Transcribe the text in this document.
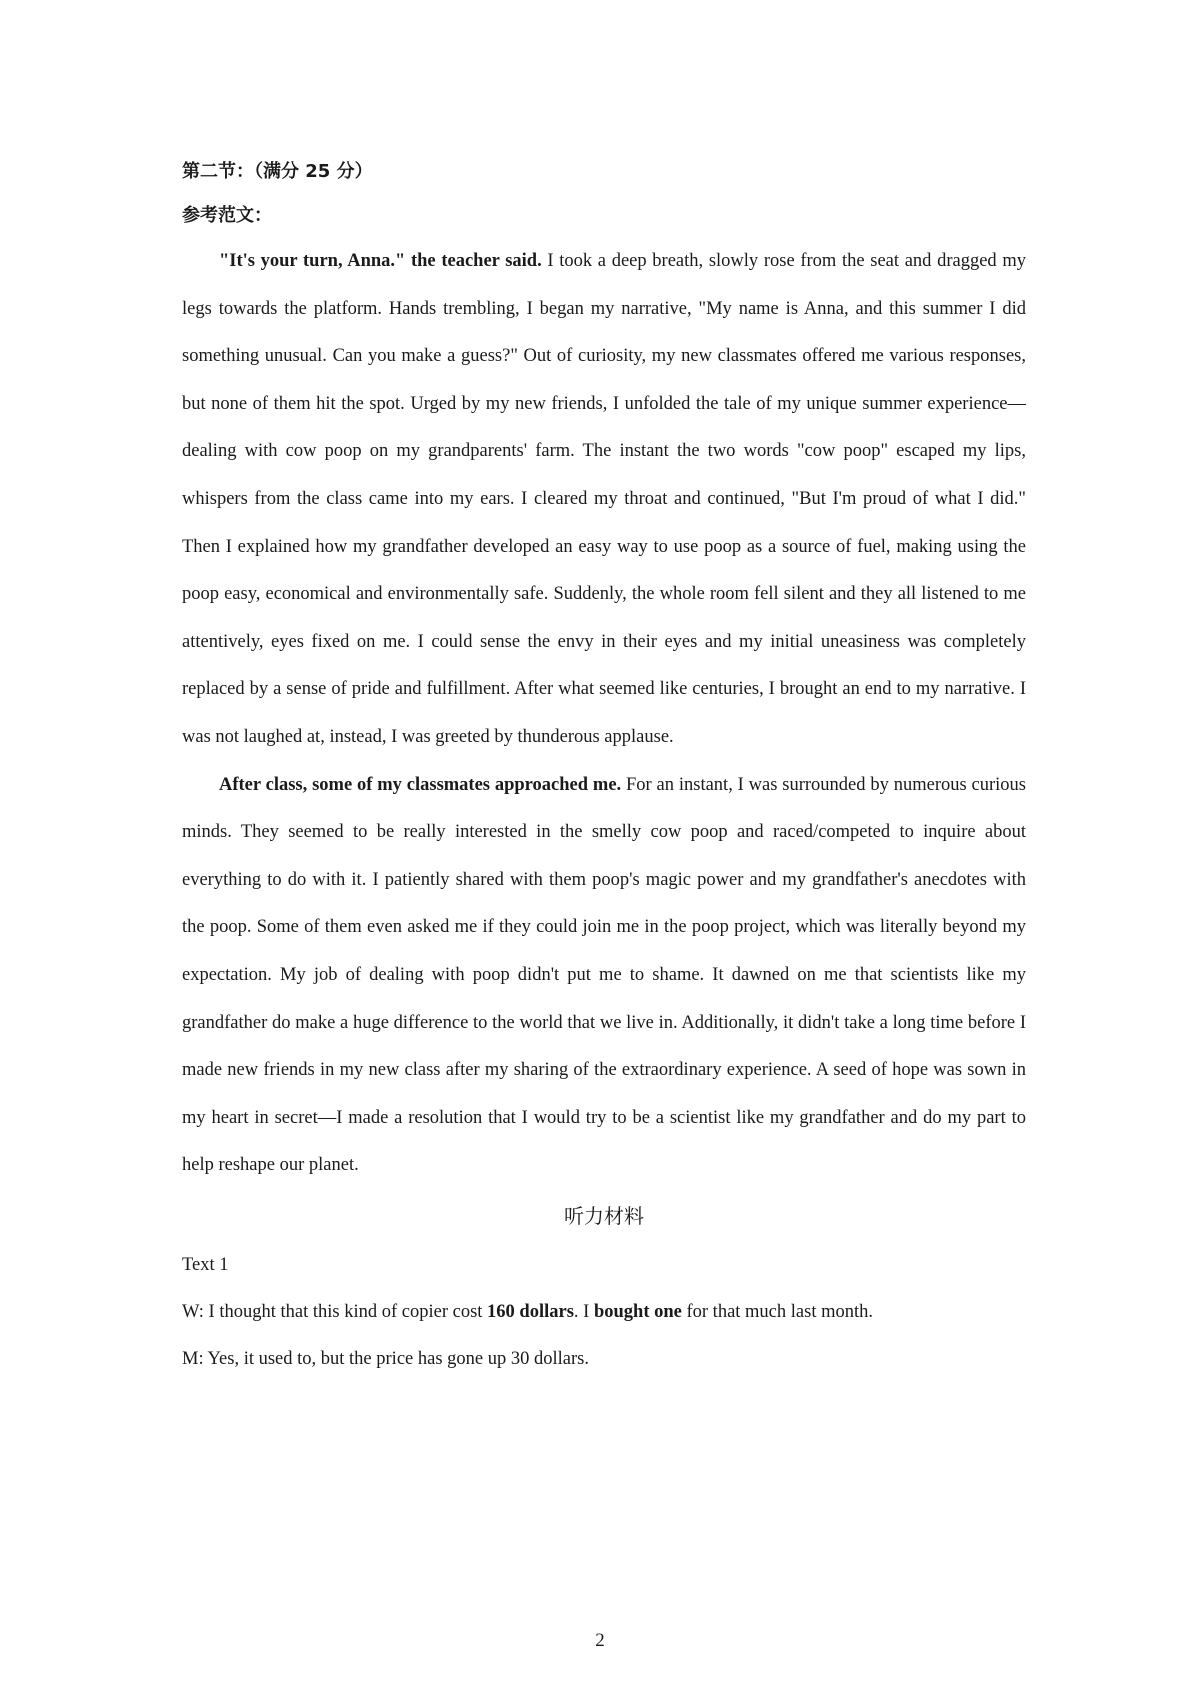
第二节：（满分 25 分）

参考范文：

"It's your turn, Anna." the teacher said. I took a deep breath, slowly rose from the seat and dragged my legs towards the platform. Hands trembling, I began my narrative, "My name is Anna, and this summer I did something unusual. Can you make a guess?" Out of curiosity, my new classmates offered me various responses, but none of them hit the spot. Urged by my new friends, I unfolded the tale of my unique summer experience—dealing with cow poop on my grandparents' farm. The instant the two words "cow poop" escaped my lips, whispers from the class came into my ears. I cleared my throat and continued, "But I'm proud of what I did." Then I explained how my grandfather developed an easy way to use poop as a source of fuel, making using the poop easy, economical and environmentally safe. Suddenly, the whole room fell silent and they all listened to me attentively, eyes fixed on me. I could sense the envy in their eyes and my initial uneasiness was completely replaced by a sense of pride and fulfillment. After what seemed like centuries, I brought an end to my narrative. I was not laughed at, instead, I was greeted by thunderous applause.

After class, some of my classmates approached me. For an instant, I was surrounded by numerous curious minds. They seemed to be really interested in the smelly cow poop and raced/competed to inquire about everything to do with it. I patiently shared with them poop's magic power and my grandfather's anecdotes with the poop. Some of them even asked me if they could join me in the poop project, which was literally beyond my expectation. My job of dealing with poop didn't put me to shame. It dawned on me that scientists like my grandfather do make a huge difference to the world that we live in. Additionally, it didn't take a long time before I made new friends in my new class after my sharing of the extraordinary experience. A seed of hope was sown in my heart in secret—I made a resolution that I would try to be a scientist like my grandfather and do my part to help reshape our planet.

听力材料

Text 1

W: I thought that this kind of copier cost 160 dollars. I bought one for that much last month.

M: Yes, it used to, but the price has gone up 30 dollars.

2
